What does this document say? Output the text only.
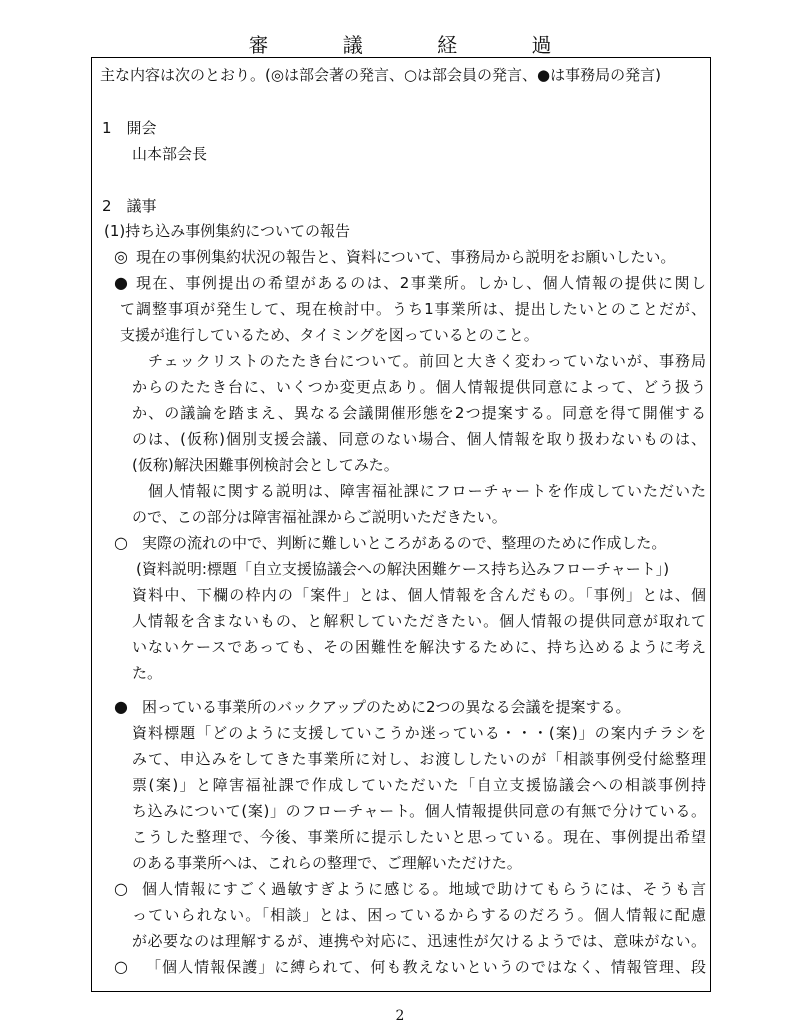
審 議 経 過
主な内容は次のとおり。(◎は部会著の発言、○は部会員の発言、●は事務局の発言)
1　開会
山本部会長
2　議事
(1)持ち込み事例集約についての報告
◎ 現在の事例集約状況の報告と、資料について、事務局から説明をお願いしたい。
● 現在、事例提出の希望があるのは、2事業所。しかし、個人情報の提供に関し
て調整事項が発生して、現在検討中。うち1事業所は、提出したいとのことだが、
支援が進行しているため、タイミングを図っているとのこと。
チェックリストのたたき台について。前回と大きく変わっていないが、事務局
からのたたき台に、いくつか変更点あり。個人情報提供同意によって、どう扱う
か、の議論を踏まえ、異なる会議開催形態を2つ提案する。同意を得て開催する
のは、(仮称)個別支援会議、同意のない場合、個人情報を取り扱わないものは、
(仮称)解決困難事例検討会としてみた。
個人情報に関する説明は、障害福祉課にフローチャートを作成していただいた
ので、この部分は障害福祉課からご説明いただきたい。
○ 実際の流れの中で、判断に難しいところがあるので、整理のために作成した。
(資料説明:標題「自立支援協議会への解決困難ケース持ち込みフローチャート」)
資料中、下欄の枠内の「案件」とは、個人情報を含んだもの。「事例」とは、個
人情報を含まないもの、と解釈していただきたい。個人情報の提供同意が取れて
いないケースであっても、その困難性を解決するために、持ち込めるように考え
た。
● 困っている事業所のバックアップのために2つの異なる会議を提案する。
資料標題「どのように支援していこうか迷っている・・・(案)」の案内チラシを
みて、申込みをしてきた事業所に対し、お渡ししたいのが「相談事例受付総整理
票(案)」と障害福祉課で作成していただいた「自立支援協議会への相談事例持
ち込みについて(案)」のフローチャート。個人情報提供同意の有無で分けている。
こうした整理で、今後、事業所に提示したいと思っている。現在、事例提出希望
のある事業所へは、これらの整理で、ご理解いただけた。
○ 個人情報にすごく過敏すぎように感じる。地域で助けてもらうには、そうも言
っていられない。「相談」とは、困っているからするのだろう。個人情報に配慮
が必要なのは理解するが、連携や対応に、迅速性が欠けるようでは、意味がない。
○ 「個人情報保護」に縛られて、何も教えないというのではなく、情報管理、段
2
